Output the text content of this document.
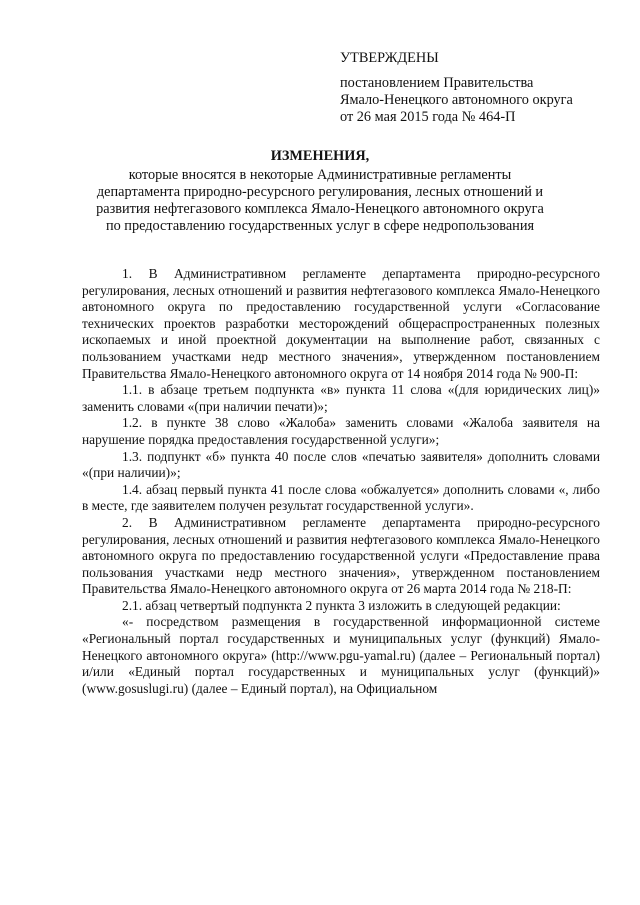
УТВЕРЖДЕНЫ
постановлением Правительства
Ямало-Ненецкого автономного округа
от 26 мая 2015 года № 464-П
ИЗМЕНЕНИЯ,
которые вносятся в некоторые Административные регламенты департамента природно-ресурсного регулирования, лесных отношений и развития нефтегазового комплекса Ямало-Ненецкого автономного округа по предоставлению государственных услуг в сфере недропользования

1. В Административном регламенте департамента природно-ресурсного регулирования, лесных отношений и развития нефтегазового комплекса Ямало-Ненецкого автономного округа по предоставлению государственной услуги «Согласование технических проектов разработки месторождений общераспространенных полезных ископаемых и иной проектной документации на выполнение работ, связанных с пользованием участками недр местного значения», утвержденном постановлением Правительства Ямало-Ненецкого автономного округа от 14 ноября 2014 года № 900-П:

1.1. в абзаце третьем подпункта «в» пункта 11 слова «(для юридических лиц)» заменить словами «(при наличии печати)»;

1.2. в пункте 38 слово «Жалоба» заменить словами «Жалоба заявителя на нарушение порядка предоставления государственной услуги»;

1.3. подпункт «б» пункта 40 после слов «печатью заявителя» дополнить словами «(при наличии)»;

1.4. абзац первый пункта 41 после слова «обжалуется» дополнить словами «, либо в месте, где заявителем получен результат государственной услуги».

2. В Административном регламенте департамента природно-ресурсного регулирования, лесных отношений и развития нефтегазового комплекса Ямало-Ненецкого автономного округа по предоставлению государственной услуги «Предоставление права пользования участками недр местного значения», утвержденном постановлением Правительства Ямало-Ненецкого автономного округа от 26 марта 2014 года № 218-П:

2.1. абзац четвертый подпункта 2 пункта 3 изложить в следующей редакции:

«- посредством размещения в государственной информационной системе «Региональный портал государственных и муниципальных услуг (функций) Ямало-Ненецкого автономного округа» (http://www.pgu-yamal.ru) (далее – Региональный портал) и/или «Единый портал государственных и муниципальных услуг (функций)» (www.gosuslugi.ru) (далее – Единый портал), на Официальном
